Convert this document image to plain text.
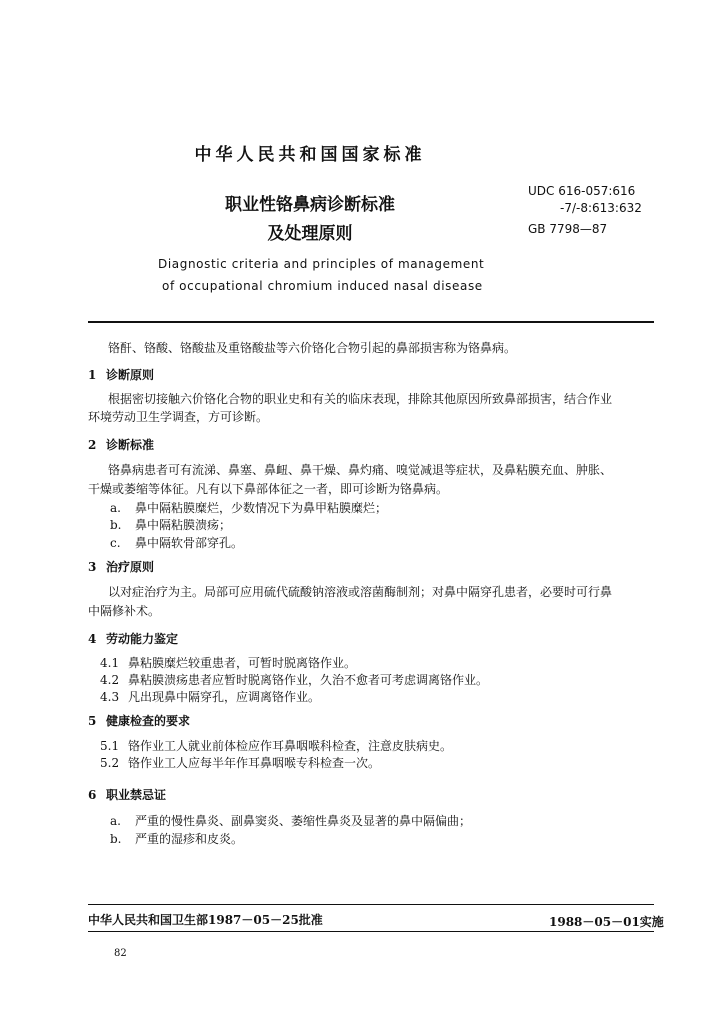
中华人民共和国国家标准
职业性铬鼻病诊断标准
及处理原则
UDC 616-057:616
-7/-8:613:632
GB 7798—87
Diagnostic criteria and principles of management
of occupational chromium induced nasal disease
铬酐、铬酸、铬酸盐及重铬酸盐等六价铬化合物引起的鼻部损害称为铬鼻病。
1 诊断原则
根据密切接触六价铬化合物的职业史和有关的临床表现，排除其他原因所致鼻部损害，结合作业
环境劳动卫生学调查，方可诊断。
2 诊断标准
铬鼻病患者可有流涕、鼻塞、鼻衄、鼻干燥、鼻灼痛、嗅觉减退等症状，及鼻粘膜充血、肿胀、
干燥或萎缩等体征。凡有以下鼻部体征之一者，即可诊断为铬鼻病。
a. 鼻中隔粘膜糜烂，少数情况下为鼻甲粘膜糜烂；
b. 鼻中隔粘膜溃疡；
c. 鼻中隔软骨部穿孔。
3 治疗原则
以对症治疗为主。局部可应用硫代硫酸钠溶液或溶菌酶制剂；对鼻中隔穿孔患者，必要时可行鼻
中隔修补术。
4 劳动能力鉴定
4.1 鼻粘膜糜烂较重患者，可暂时脱离铬作业。
4.2 鼻粘膜溃疡患者应暂时脱离铬作业，久治不愈者可考虑调离铬作业。
4.3 凡出现鼻中隔穿孔，应调离铬作业。
5 健康检查的要求
5.1 铬作业工人就业前体检应作耳鼻咽喉科检查，注意皮肤病史。
5.2 铬作业工人应每半年作耳鼻咽喉专科检查一次。
6 职业禁忌证
a. 严重的慢性鼻炎、副鼻窦炎、萎缩性鼻炎及显著的鼻中隔偏曲；
b. 严重的湿疹和皮炎。
中华人民共和国卫生部1987－05－25批准	1988－05－01实施
82
